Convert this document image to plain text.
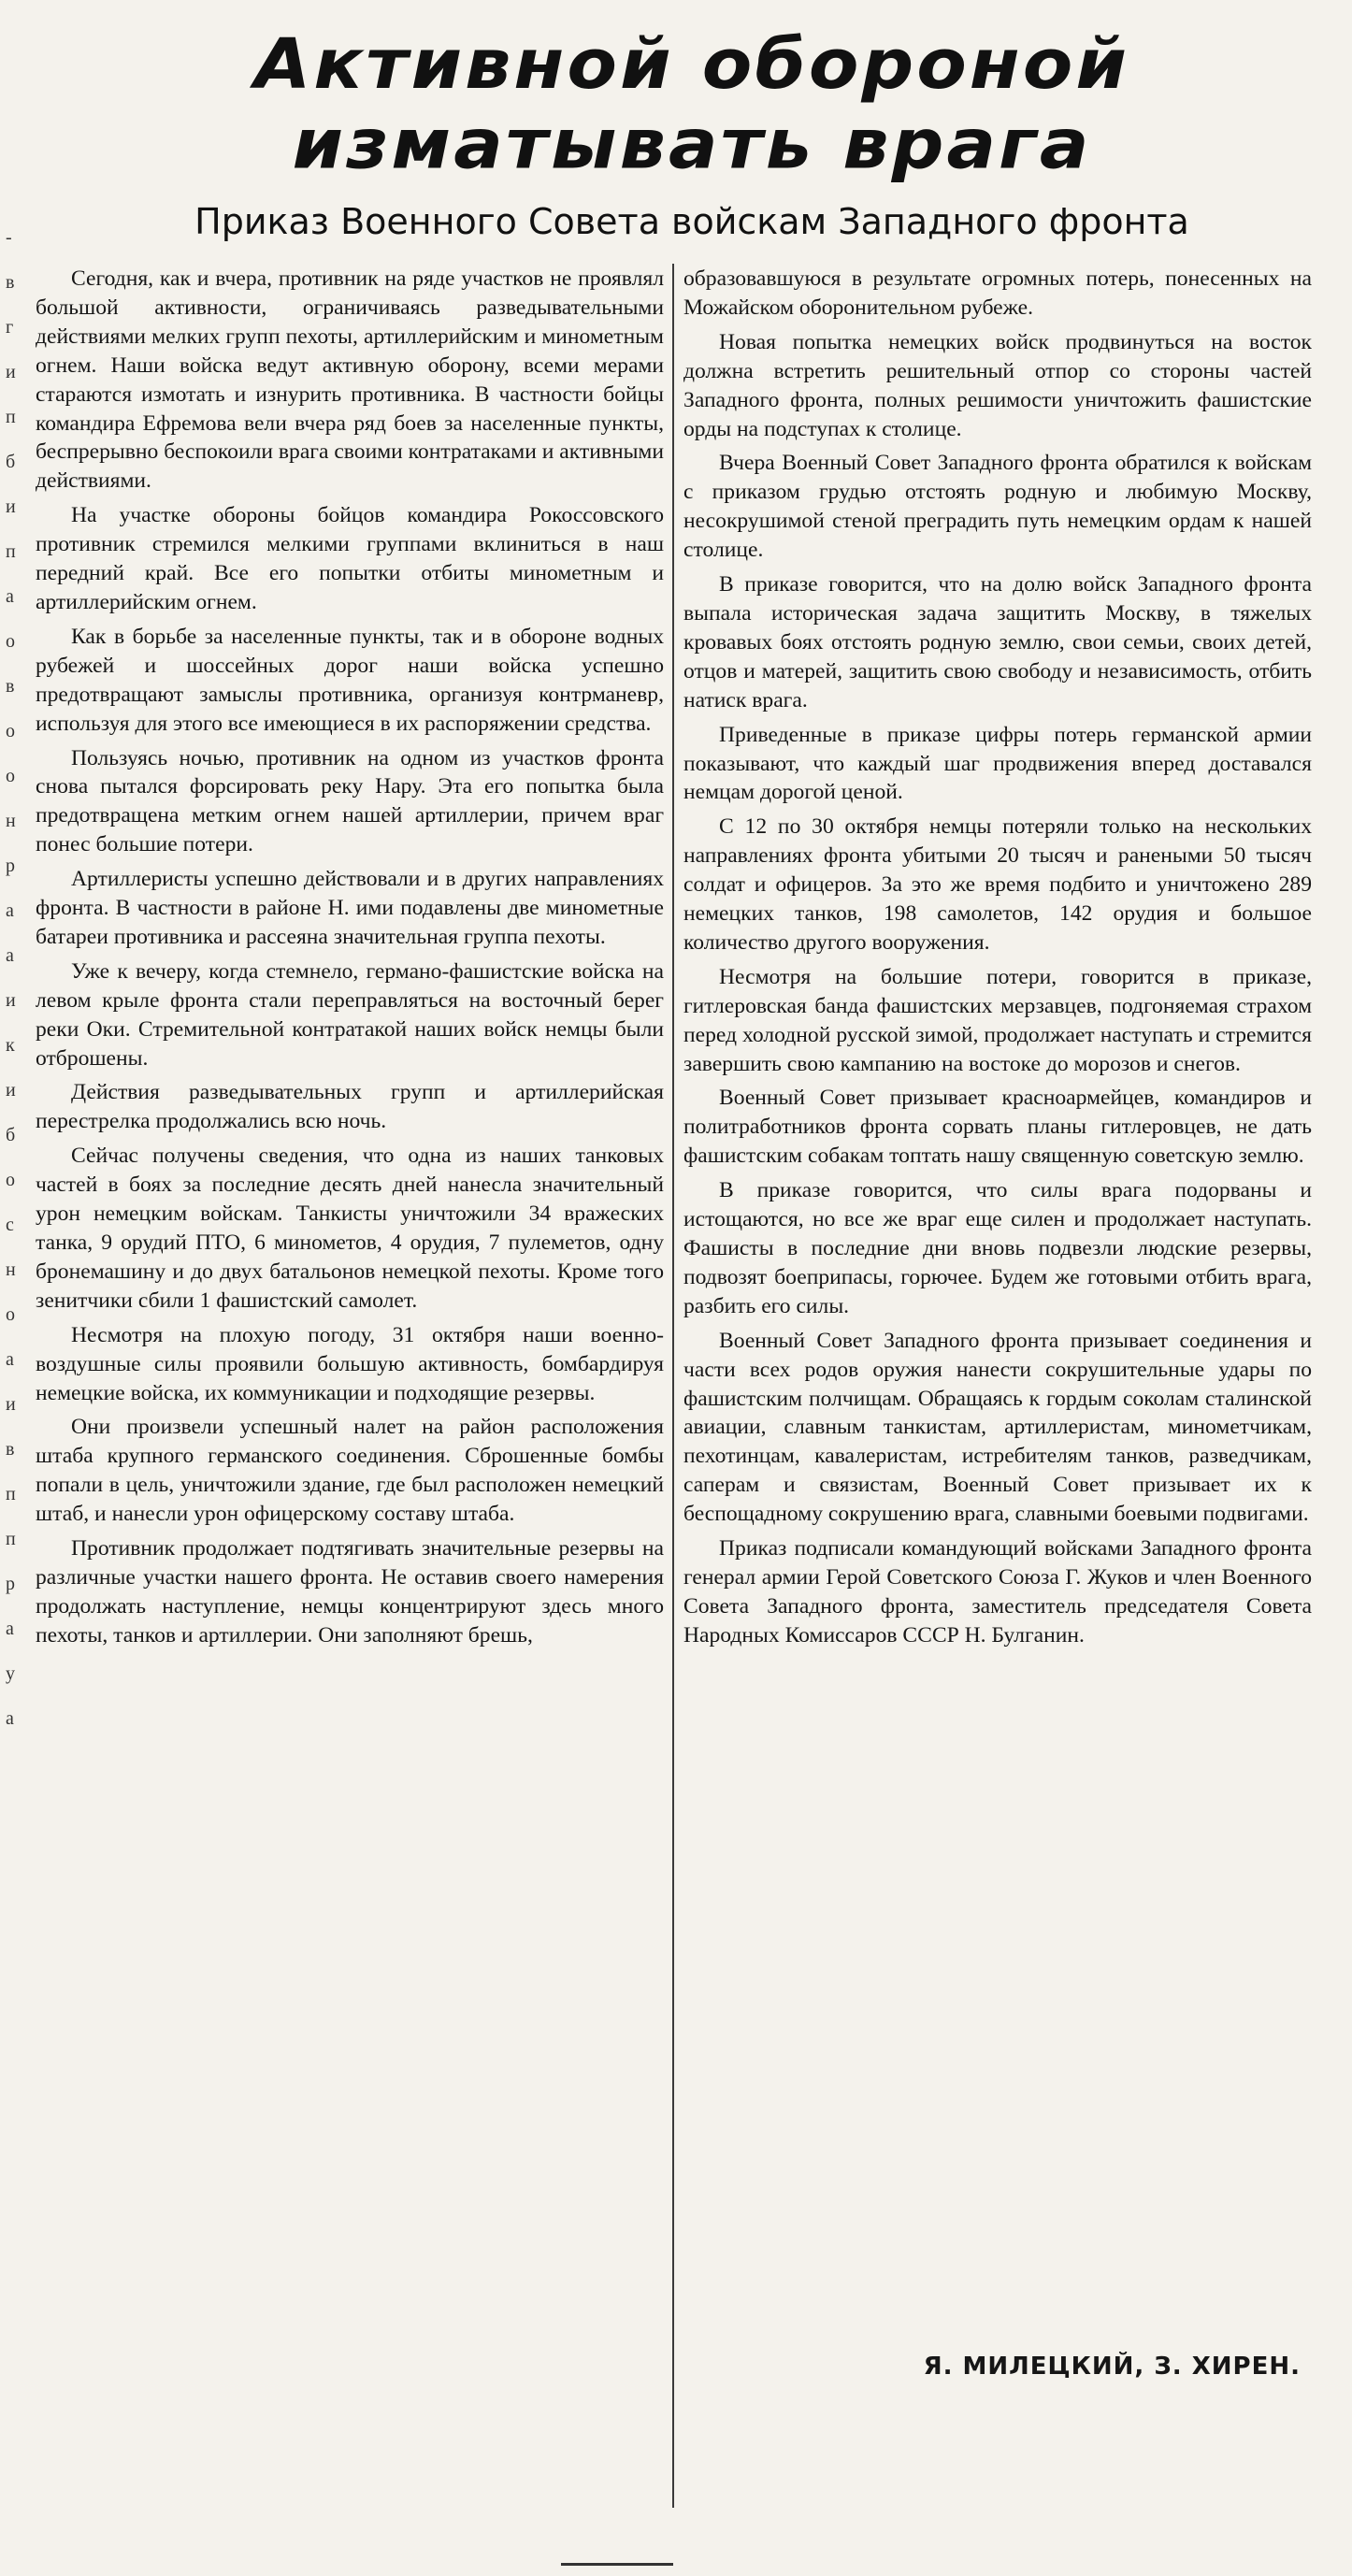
-
в
г
и
п
б
и
п
а
о
в
о
о
н
р
а
а
и
к
и
б
о
с
н
о
а
и
в
п
п
р
а
у
а
Активной обороной
изматывать врага
Приказ Военного Совета войскам Западного фронта

Сегодня, как и вчера, противник на ряде участков не проявлял большой активности, ограничиваясь разведывательными действиями мелких групп пехоты, артиллерийским и минометным огнем. Наши войска ведут активную оборону, всеми мерами стараются измотать и изнурить противника. В частности бойцы командира Ефремова вели вчера ряд боев за населенные пункты, беспрерывно беспокоили врага своими контратаками и активными действиями.

На участке обороны бойцов командира Рокоссовского противник стремился мелкими группами вклиниться в наш передний край. Все его попытки отбиты минометным и артиллерийским огнем.

Как в борьбе за населенные пункты, так и в обороне водных рубежей и шоссейных дорог наши войска успешно предотвращают замыслы противника, организуя контрманевр, используя для этого все имеющиеся в их распоряжении средства.

Пользуясь ночью, противник на одном из участков фронта снова пытался форсировать реку Нару. Эта его попытка была предотвращена метким огнем нашей артиллерии, причем враг понес большие потери.

Артиллеристы успешно действовали и в других направлениях фронта. В частности в районе Н. ими подавлены две минометные батареи противника и рассеяна значительная группа пехоты.

Уже к вечеру, когда стемнело, германо-фашистские войска на левом крыле фронта стали переправляться на восточный берег реки Оки. Стремительной контратакой наших войск немцы были отброшены.

Действия разведывательных групп и артиллерийская перестрелка продолжались всю ночь.

Сейчас получены сведения, что одна из наших танковых частей в боях за последние десять дней нанесла значительный урон немецким войскам. Танкисты уничтожили 34 вражеских танка, 9 орудий ПТО, 6 минометов, 4 орудия, 7 пулеметов, одну бронемашину и до двух батальонов немецкой пехоты. Кроме того зенитчики сбили 1 фашистский самолет.

Несмотря на плохую погоду, 31 октября наши военно-воздушные силы проявили большую активность, бомбардируя немецкие войска, их коммуникации и подходящие резервы.

Они произвели успешный налет на район расположения штаба крупного германского соединения. Сброшенные бомбы попали в цель, уничтожили здание, где был расположен немецкий штаб, и нанесли урон офицерскому составу штаба.

Противник продолжает подтягивать значительные резервы на различные участки нашего фронта. Не оставив своего намерения продолжать наступление, немцы концентрируют здесь много пехоты, танков и артиллерии. Они заполняют брешь,

образовавшуюся в результате огромных потерь, понесенных на Можайском оборонительном рубеже.

Новая попытка немецких войск продвинуться на восток должна встретить решительный отпор со стороны частей Западного фронта, полных решимости уничтожить фашистские орды на подступах к столице.

Вчера Военный Совет Западного фронта обратился к войскам с приказом грудью отстоять родную и любимую Москву, несокрушимой стеной преградить путь немецким ордам к нашей столице.

В приказе говорится, что на долю войск Западного фронта выпала историческая задача защитить Москву, в тяжелых кровавых боях отстоять родную землю, свои семьи, своих детей, отцов и матерей, защитить свою свободу и независимость, отбить натиск врага.

Приведенные в приказе цифры потерь германской армии показывают, что каждый шаг продвижения вперед доставался немцам дорогой ценой.

С 12 по 30 октября немцы потеряли только на нескольких направлениях фронта убитыми 20 тысяч и ранеными 50 тысяч солдат и офицеров. За это же время подбито и уничтожено 289 немецких танков, 198 самолетов, 142 орудия и большое количество другого вооружения.

Несмотря на большие потери, говорится в приказе, гитлеровская банда фашистских мерзавцев, подгоняемая страхом перед холодной русской зимой, продолжает наступать и стремится завершить свою кампанию на востоке до морозов и снегов.

Военный Совет призывает красноармейцев, командиров и политработников фронта сорвать планы гитлеровцев, не дать фашистским собакам топтать нашу священную советскую землю.

В приказе говорится, что силы врага подорваны и истощаются, но все же враг еще силен и продолжает наступать. Фашисты в последние дни вновь подвезли людские резервы, подвозят боеприпасы, горючее. Будем же готовыми отбить врага, разбить его силы.

Военный Совет Западного фронта призывает соединения и части всех родов оружия нанести сокрушительные удары по фашистским полчищам. Обращаясь к гордым соколам сталинской авиации, славным танкистам, артиллеристам, минометчикам, пехотинцам, кавалеристам, истребителям танков, разведчикам, саперам и связистам, Военный Совет призывает их к беспощадному сокрушению врага, славными боевыми подвигами.

Приказ подписали командующий войсками Западного фронта генерал армии Герой Советского Союза Г. Жуков и член Военного Совета Западного фронта, заместитель председателя Совета Народных Комиссаров СССР Н. Булганин.

Я. МИЛЕЦКИЙ, З. ХИРЕН.
